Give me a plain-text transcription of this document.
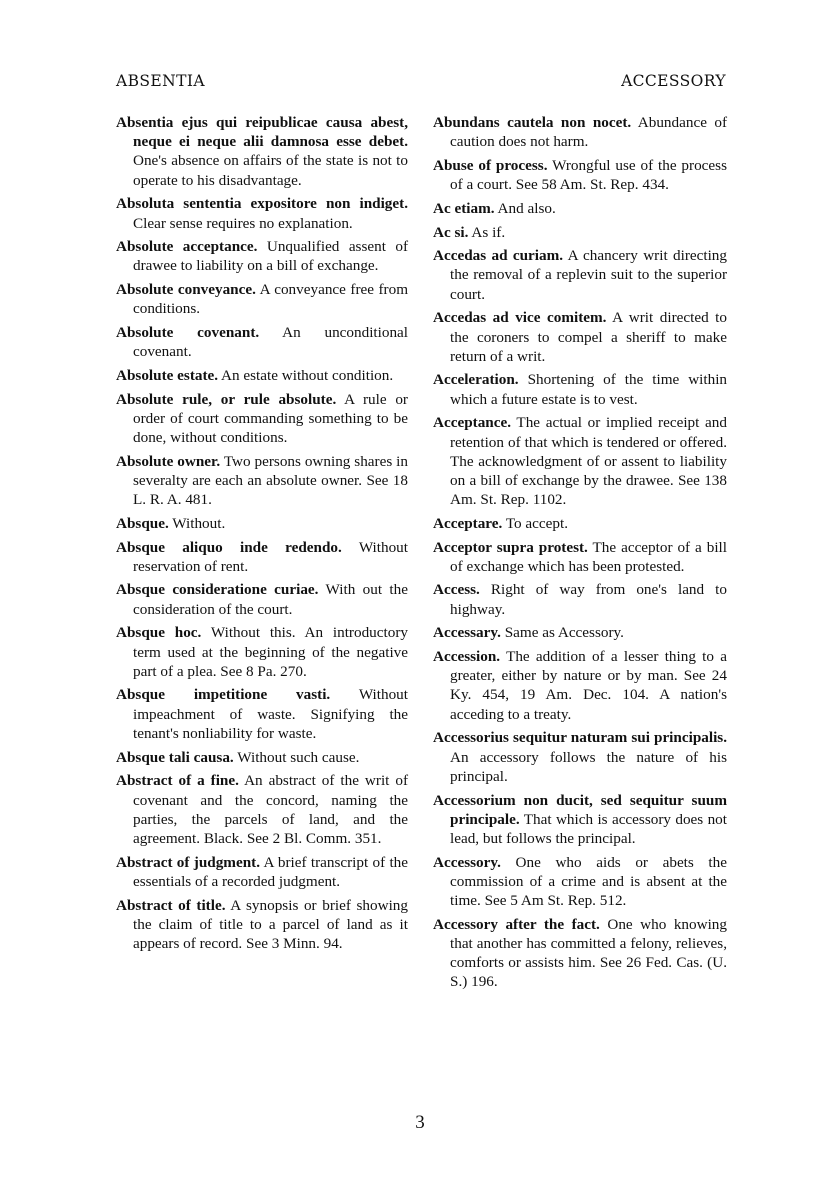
ABSENTIA	ACCESSORY

Absentia ejus qui reipublicae causa abest, neque ei neque alii damnosa esse debet. One's absence on affairs of the state is not to operate to his disadvantage.

Absoluta sententia expositore non indiget. Clear sense requires no explanation.

Absolute acceptance. Unqualified assent of drawee to liability on a bill of exchange.

Absolute conveyance. A conveyance free from conditions.

Absolute covenant. An unconditional covenant.

Absolute estate. An estate without condition.

Absolute rule, or rule absolute. A rule or order of court commanding something to be done, without conditions.

Absolute owner. Two persons owning shares in severalty are each an absolute owner. See 18 L. R. A. 481.

Absque. Without.

Absque aliquo inde redendo. Without reservation of rent.

Absque consideratione curiae. With out the consideration of the court.

Absque hoc. Without this. An introductory term used at the beginning of the negative part of a plea. See 8 Pa. 270.

Absque impetitione vasti. Without impeachment of waste. Signifying the tenant's nonliability for waste.

Absque tali causa. Without such cause.

Abstract of a fine. An abstract of the writ of covenant and the concord, naming the parties, the parcels of land, and the agreement. Black. See 2 Bl. Comm. 351.

Abstract of judgment. A brief transcript of the essentials of a recorded judgment.

Abstract of title. A synopsis or brief showing the claim of title to a parcel of land as it appears of record. See 3 Minn. 94.

Abundans cautela non nocet. Abundance of caution does not harm.

Abuse of process. Wrongful use of the process of a court. See 58 Am. St. Rep. 434.

Ac etiam. And also.

Ac si. As if.

Accedas ad curiam. A chancery writ directing the removal of a replevin suit to the superior court.

Accedas ad vice comitem. A writ directed to the coroners to compel a sheriff to make return of a writ.

Acceleration. Shortening of the time within which a future estate is to vest.

Acceptance. The actual or implied receipt and retention of that which is tendered or offered. The acknowledgment of or assent to liability on a bill of exchange by the drawee. See 138 Am. St. Rep. 1102.

Acceptare. To accept.

Acceptor supra protest. The acceptor of a bill of exchange which has been protested.

Access. Right of way from one's land to highway.

Accessary. Same as Accessory.

Accession. The addition of a lesser thing to a greater, either by nature or by man. See 24 Ky. 454, 19 Am. Dec. 104. A nation's acceding to a treaty.

Accessorius sequitur naturam sui principalis. An accessory follows the nature of his principal.

Accessorium non ducit, sed sequitur suum principale. That which is accessory does not lead, but follows the principal.

Accessory. One who aids or abets the commission of a crime and is absent at the time. See 5 Am St. Rep. 512.

Accessory after the fact. One who knowing that another has committed a felony, relieves, comforts or assists him. See 26 Fed. Cas. (U. S.) 196.

3
